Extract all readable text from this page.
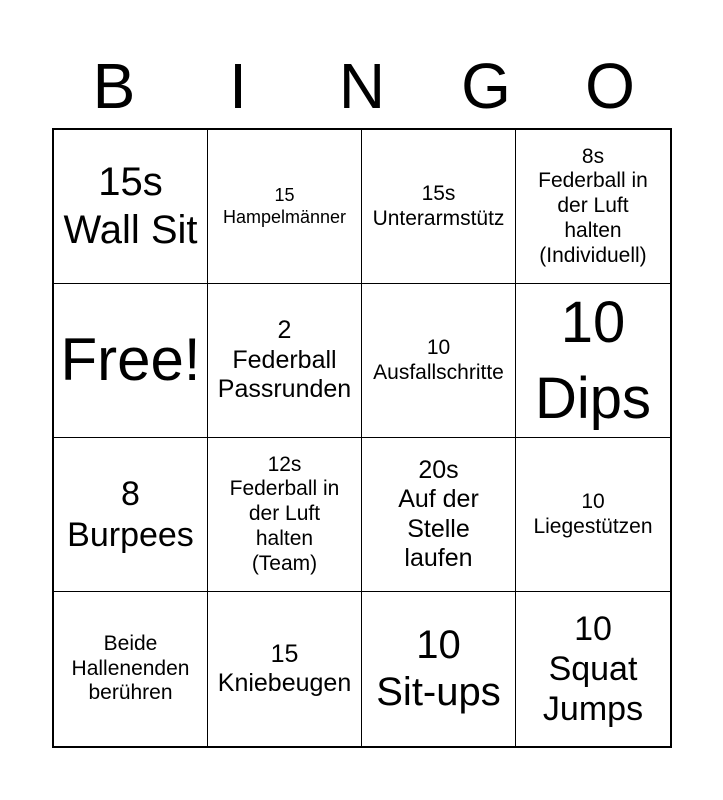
B	I	N	G	O
15s
Wall Sit
15
Hampelmänner
15s
Unterarmstütz
8s
Federball in
der Luft
halten
(Individuell)
Free!	2
Federball
Passrunden
10
Ausfallschritte
10
Dips
8
Burpees
12s
Federball in
der Luft
halten
(Team)
20s
Auf der
Stelle
laufen
10
Liegestützen
Beide
Hallenenden
berühren
15
Kniebeugen
10
Sit-ups
10
Squat
Jumps
